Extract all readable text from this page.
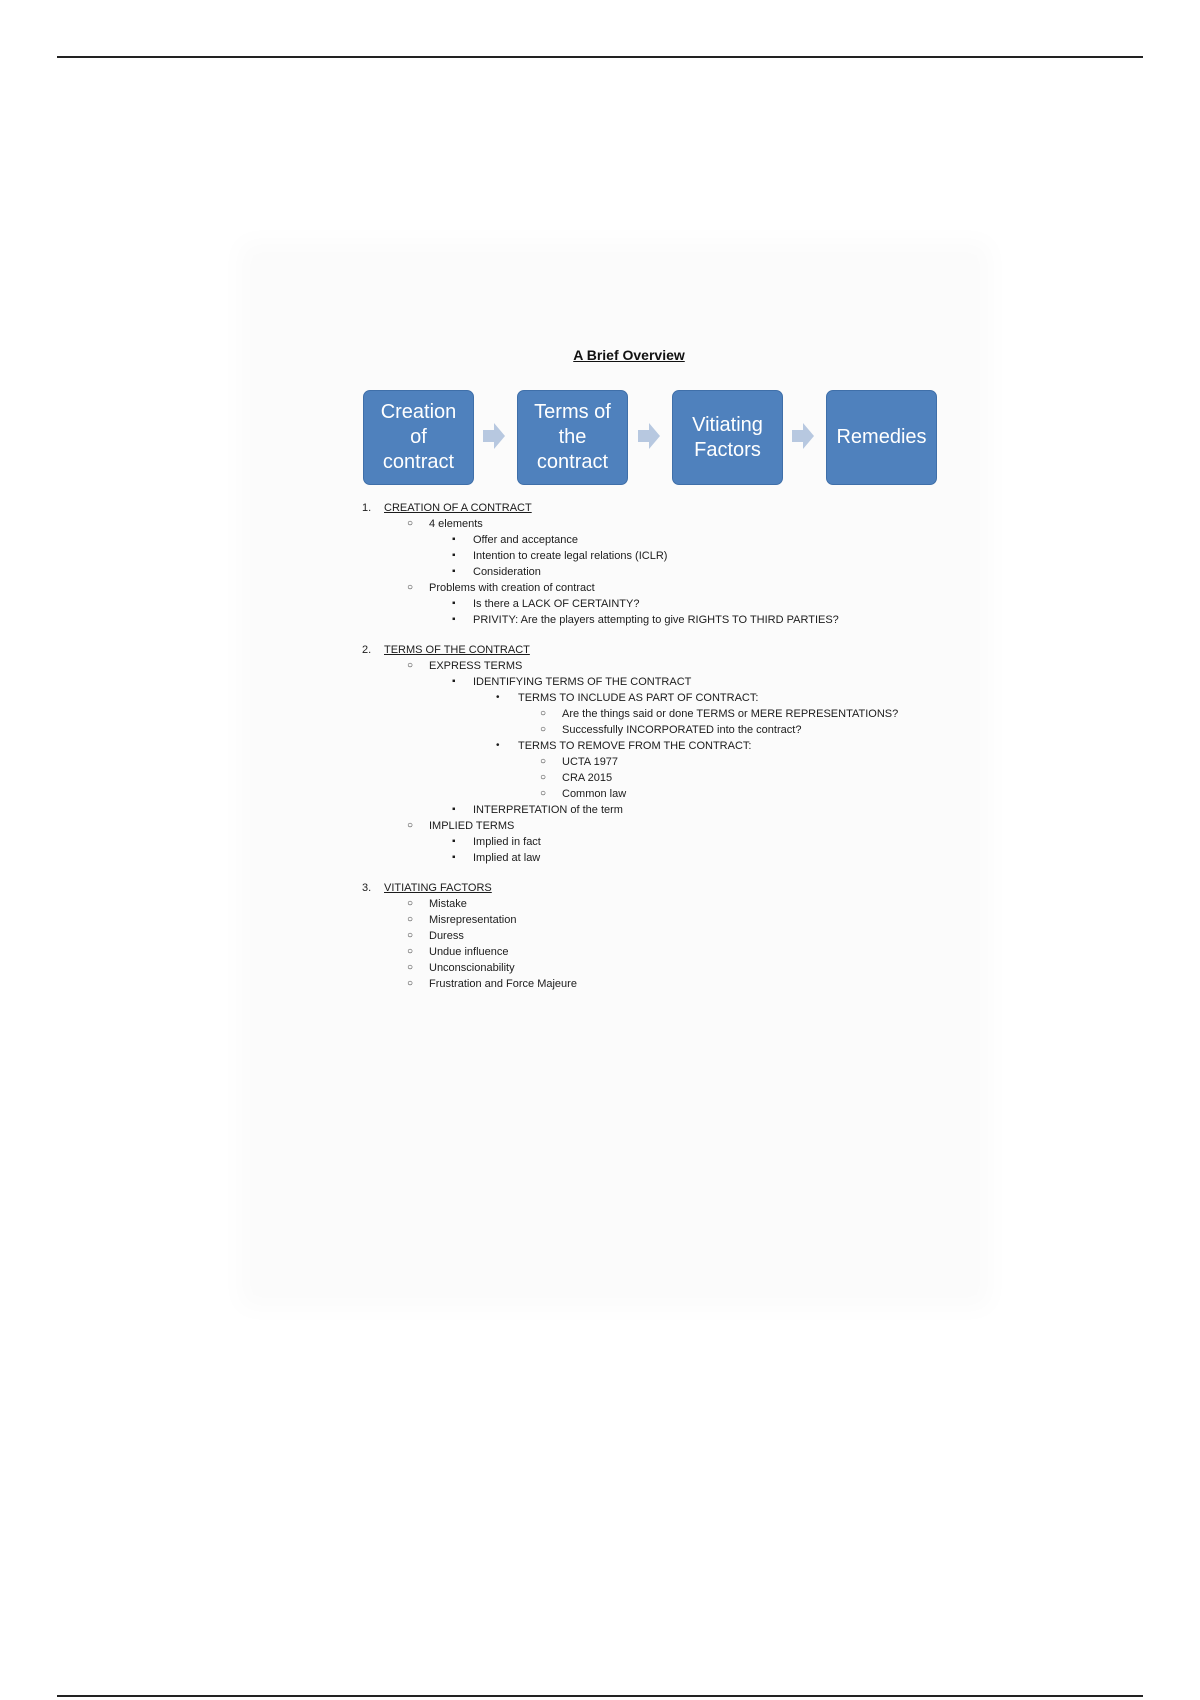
A Brief Overview
Creation
of
contract
Terms of
the
contract
Vitiating
Factors
Remedies
1. CREATION OF A CONTRACT
○ 4 elements
▪ Offer and acceptance
▪ Intention to create legal relations (ICLR)
▪ Consideration
○ Problems with creation of contract
▪ Is there a LACK OF CERTAINTY?
▪ PRIVITY: Are the players attempting to give RIGHTS TO THIRD PARTIES?
2. TERMS OF THE CONTRACT
○ EXPRESS TERMS
▪ IDENTIFYING TERMS OF THE CONTRACT
• TERMS TO INCLUDE AS PART OF CONTRACT:
○ Are the things said or done TERMS or MERE REPRESENTATIONS?
○ Successfully INCORPORATED into the contract?
• TERMS TO REMOVE FROM THE CONTRACT:
○ UCTA 1977
○ CRA 2015
○ Common law
▪ INTERPRETATION of the term
○ IMPLIED TERMS
▪ Implied in fact
▪ Implied at law
3. VITIATING FACTORS
○ Mistake
○ Misrepresentation
○ Duress
○ Undue influence
○ Unconscionability
○ Frustration and Force Majeure
